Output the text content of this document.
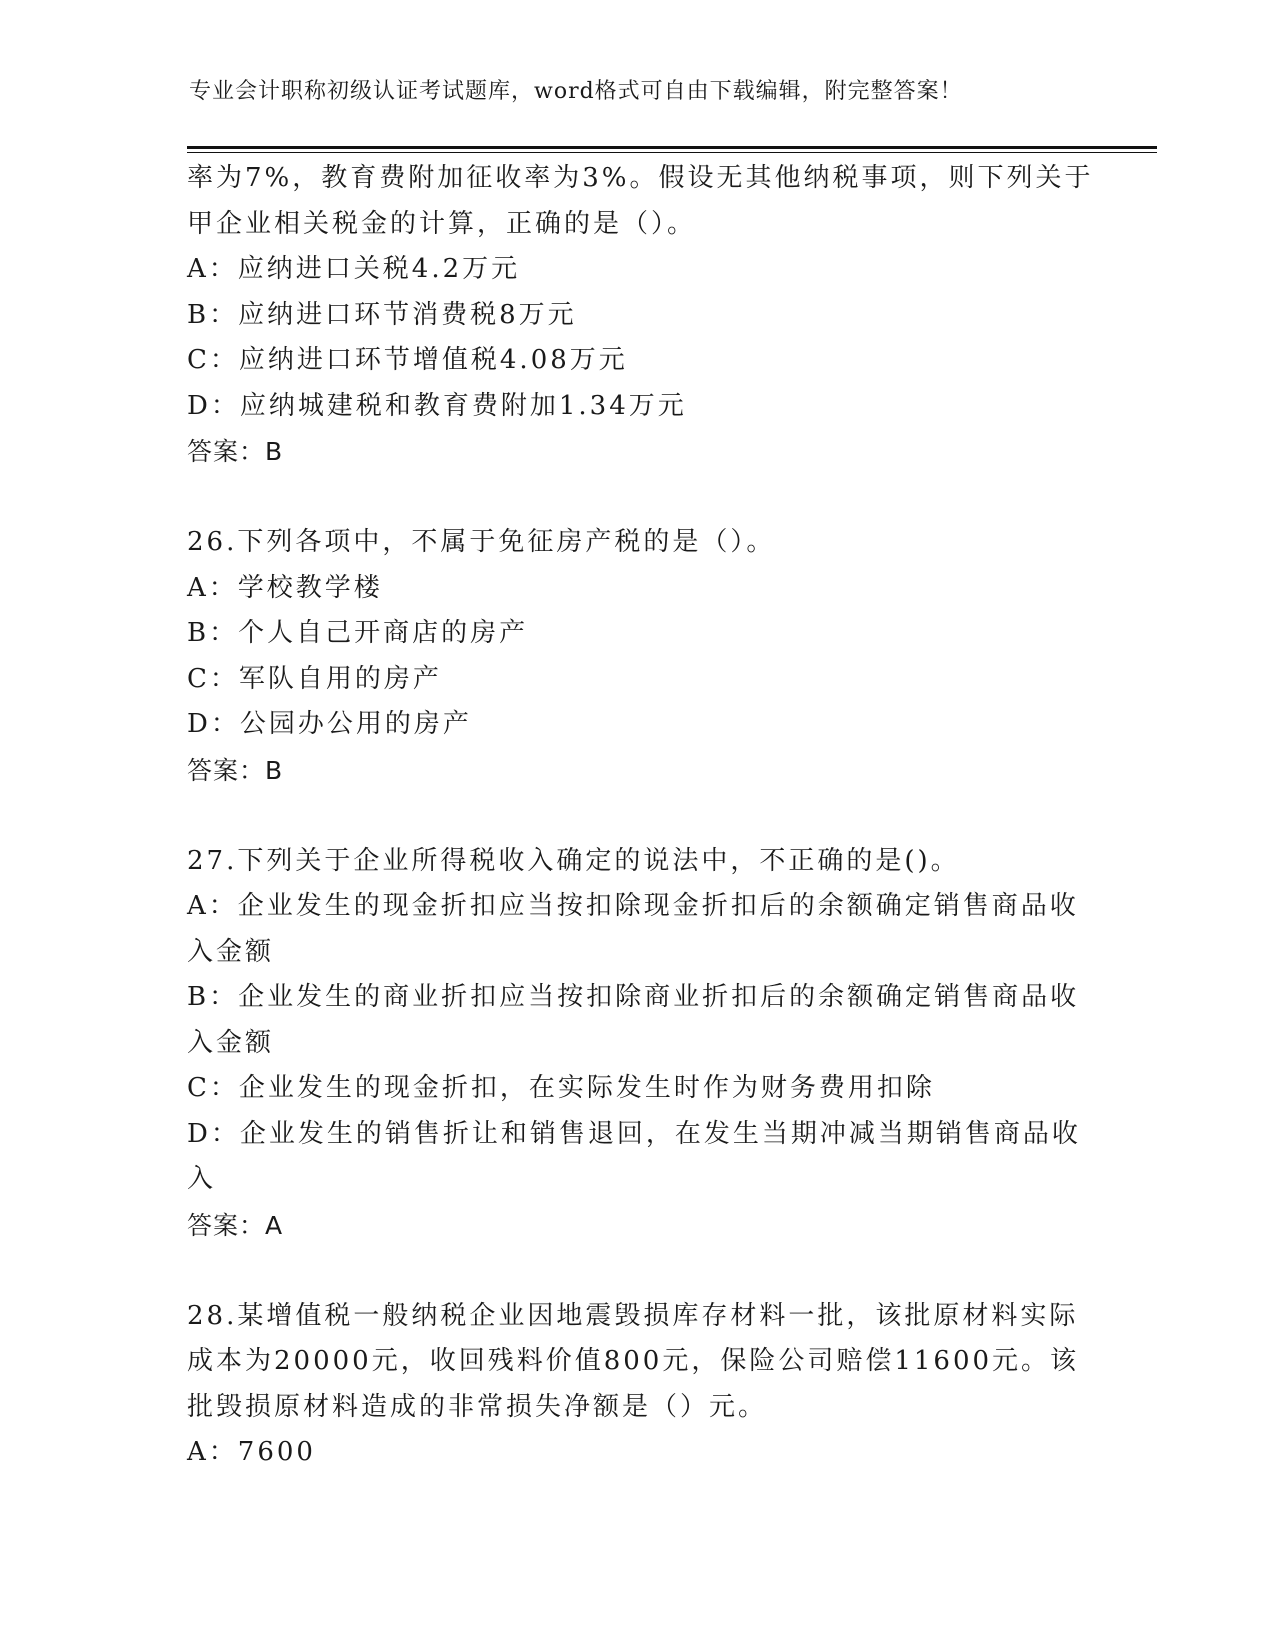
专业会计职称初级认证考试题库，word格式可自由下载编辑，附完整答案！
率为7%，教育费附加征收率为3%。假设无其他纳税事项，则下列关于
甲企业相关税金的计算，正确的是（）。
A：应纳进口关税4.2万元
B：应纳进口环节消费税8万元
C：应纳进口环节增值税4.08万元
D：应纳城建税和教育费附加1.34万元
答案：B
26.下列各项中，不属于免征房产税的是（）。
A：学校教学楼
B：个人自己开商店的房产
C：军队自用的房产
D：公园办公用的房产
答案：B
27.下列关于企业所得税收入确定的说法中，不正确的是()。
A：企业发生的现金折扣应当按扣除现金折扣后的余额确定销售商品收
入金额
B：企业发生的商业折扣应当按扣除商业折扣后的余额确定销售商品收
入金额
C：企业发生的现金折扣，在实际发生时作为财务费用扣除
D：企业发生的销售折让和销售退回，在发生当期冲减当期销售商品收
入
答案：A
28.某增值税一般纳税企业因地震毁损库存材料一批，该批原材料实际
成本为20000元，收回残料价值800元，保险公司赔偿11600元。该
批毁损原材料造成的非常损失净额是（）元。
A：7600
